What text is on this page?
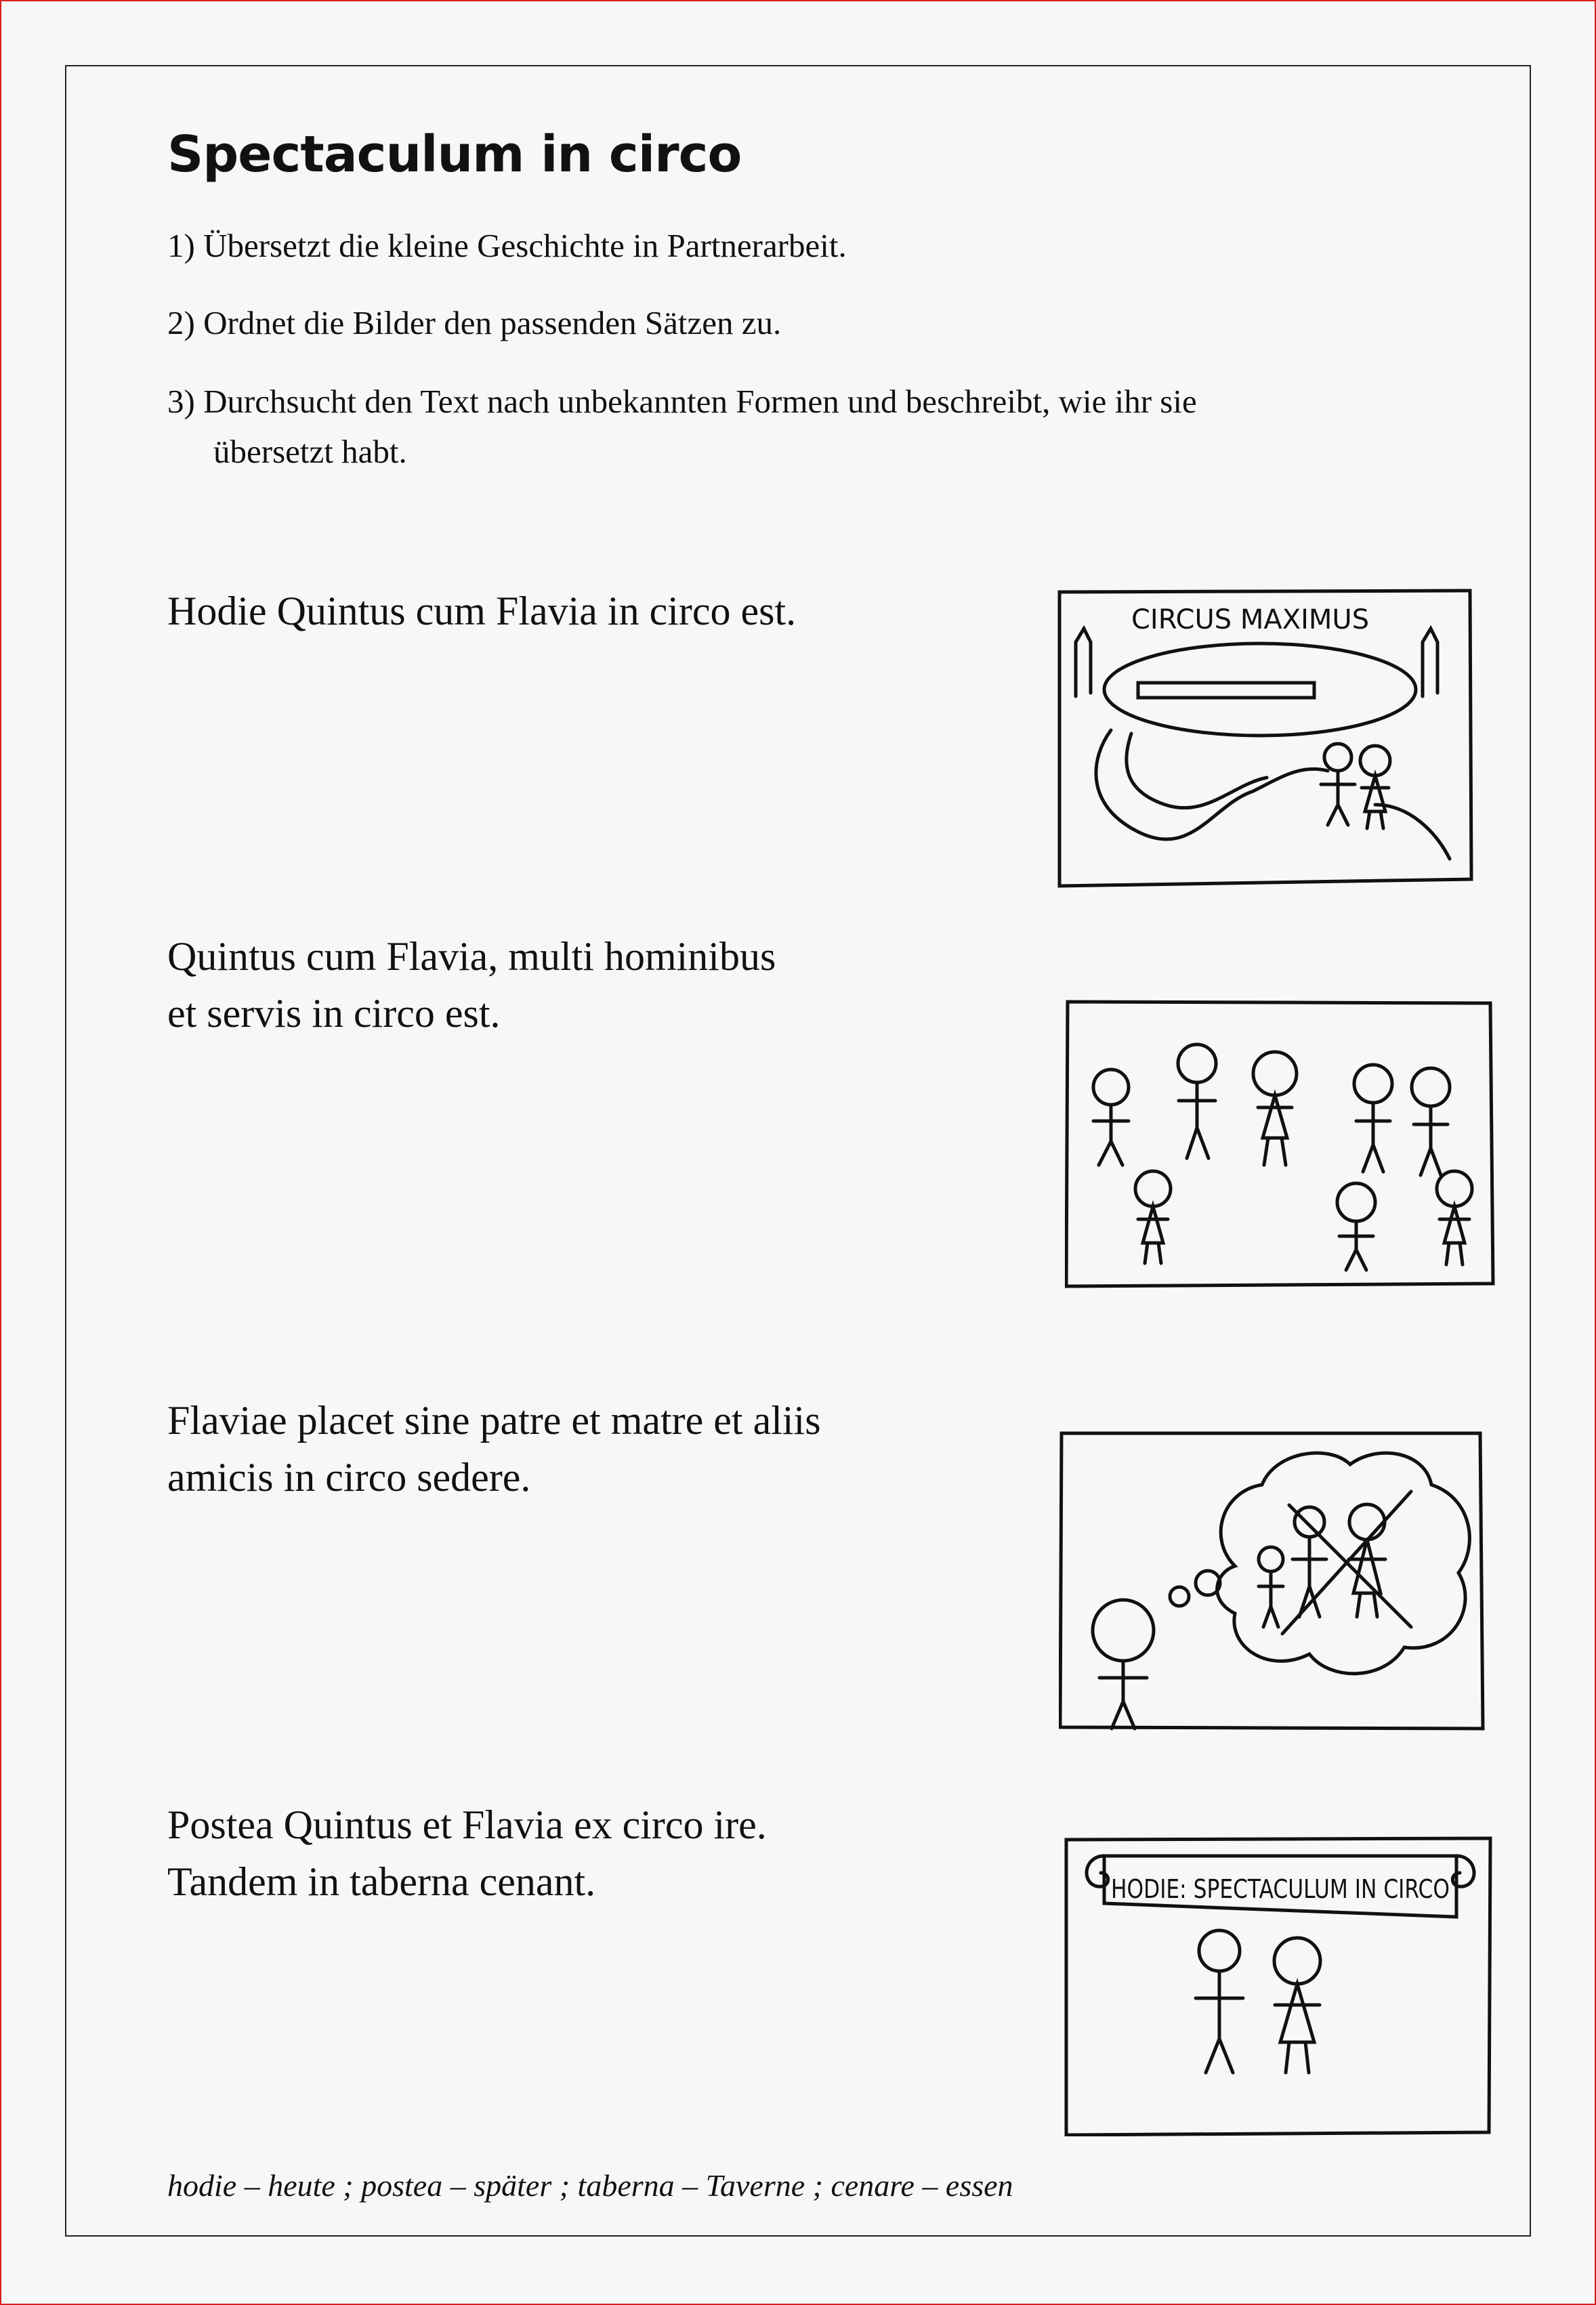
Spectaculum in circo

1) Übersetzt die kleine Geschichte in Partnerarbeit.

2) Ordnet die Bilder den passenden Sätzen zu.

3) Durchsucht den Text nach unbekannten Formen und beschreibt, wie ihr sie
übersetzt habt.

Hodie Quintus cum Flavia in circo est.

Quintus cum Flavia, multi hominibus
et servis in circo est.

Flaviae placet sine patre et matre et aliis
amicis in circo sedere.

Postea Quintus et Flavia ex circo ire.
Tandem in taberna cenant.

CIRCUS MAXIMUS
HODIE: SPECTACULUM IN CIRCO

hodie – heute ; postea – später ; taberna – Taverne ; cenare – essen
